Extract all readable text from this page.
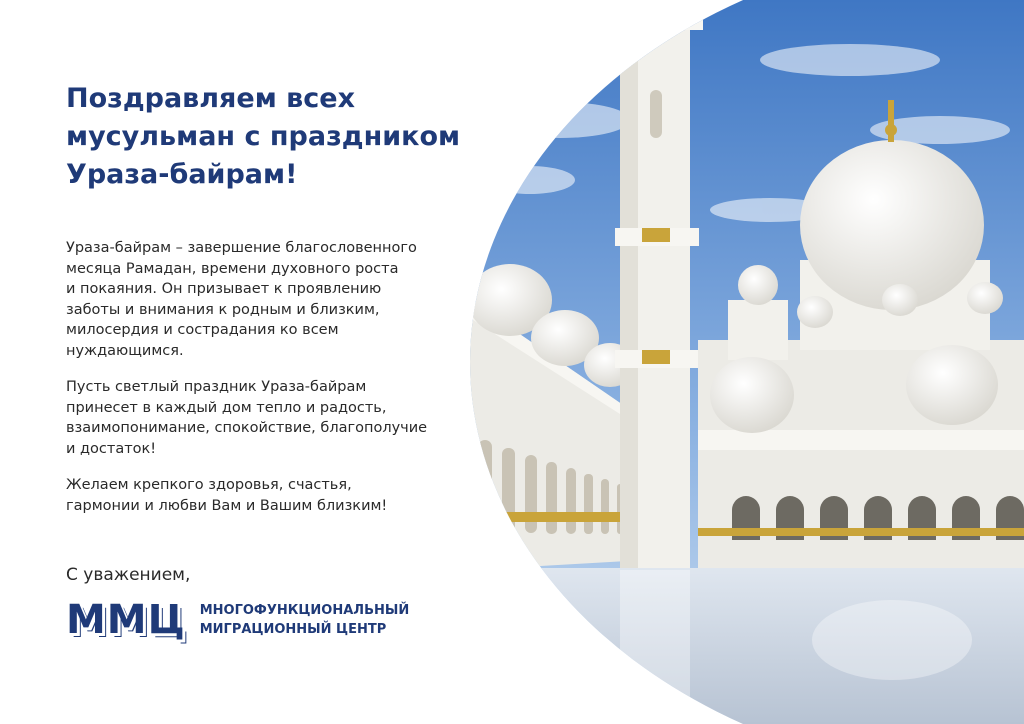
Поздравляем всех
мусульман с праздником
Ураза-байрам!

Ураза-байрам – завершение благословенного
месяца Рамадан, времени духовного роста
и покаяния. Он призывает к проявлению
заботы и внимания к родным и близким,
милосердия и сострадания ко всем
нуждающимся.

Пусть светлый праздник Ураза-байрам
принесет в каждый дом тепло и радость,
взаимопонимание, спокойствие, благополучие
и достаток!

Желаем крепкого здоровья, счастья,
гармонии и любви Вам и Вашим близким!

С уважением,
ММЦ МНОГОФУНКЦИОНАЛЬНЫЙ
МИГРАЦИОННЫЙ ЦЕНТР
